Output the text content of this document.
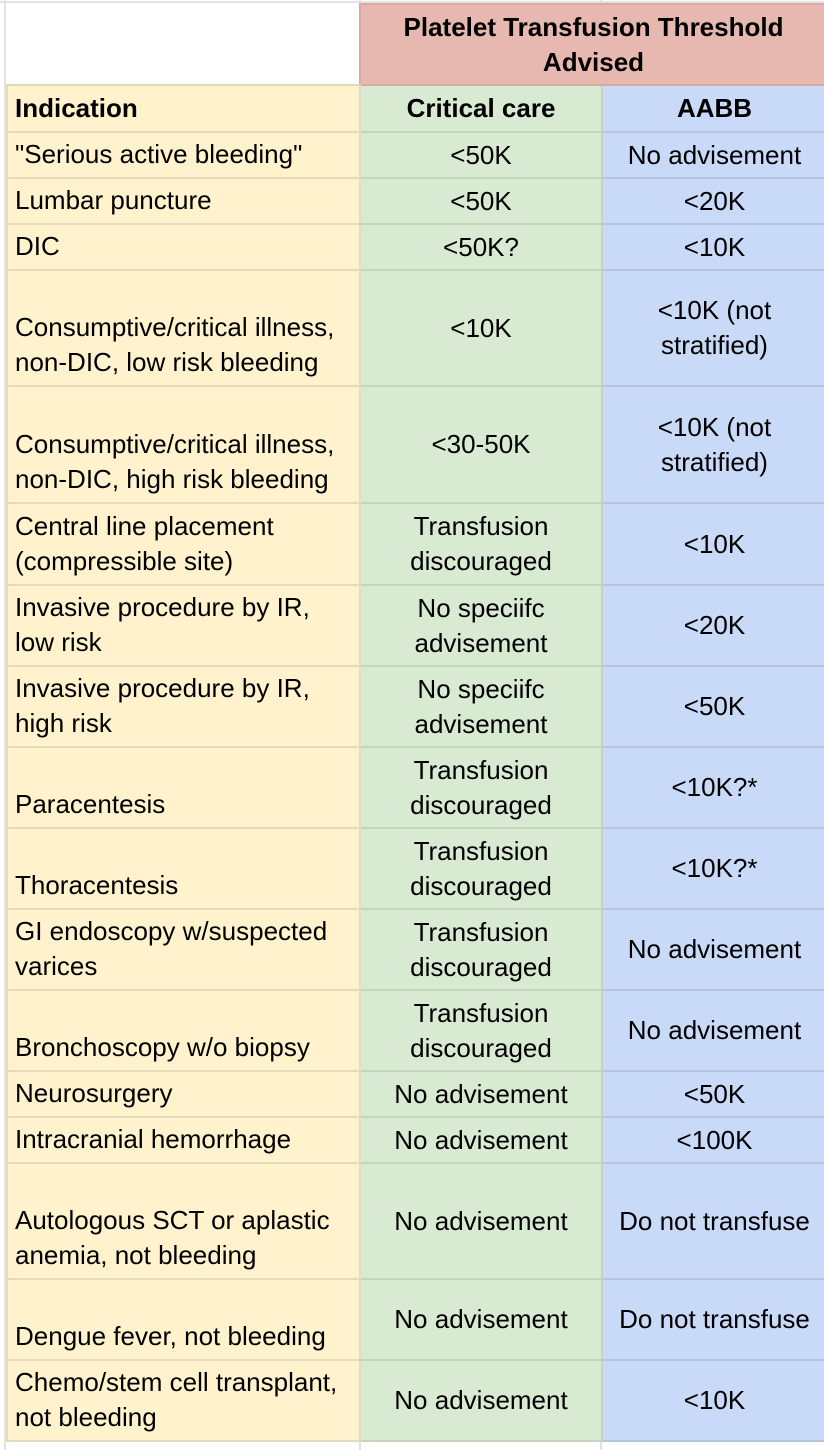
	Platelet Transfusion Threshold Advised	
Indication	Critical care	AABB
"Serious active bleeding"	<50K	No advisement
Lumbar puncture	<50K	<20K
DIC	<50K?	<10K
Consumptive/critical illness, non-DIC, low risk bleeding	<10K	<10K (not stratified)
Consumptive/critical illness, non-DIC, high risk bleeding	<30-50K	<10K (not stratified)
Central line placement (compressible site)	Transfusion discouraged	<10K
Invasive procedure by IR, low risk	No speciifc advisement	<20K
Invasive procedure by IR, high risk	No speciifc advisement	<50K
Paracentesis	Transfusion discouraged	<10K?*
Thoracentesis	Transfusion discouraged	<10K?*
GI endoscopy w/suspected varices	Transfusion discouraged	No advisement
Bronchoscopy w/o biopsy	Transfusion discouraged	No advisement
Neurosurgery	No advisement	<50K
Intracranial hemorrhage	No advisement	<100K
Autologous SCT or aplastic anemia, not bleeding	No advisement	Do not transfuse
Dengue fever, not bleeding	No advisement	Do not transfuse
Chemo/stem cell transplant, not bleeding	No advisement	<10K
